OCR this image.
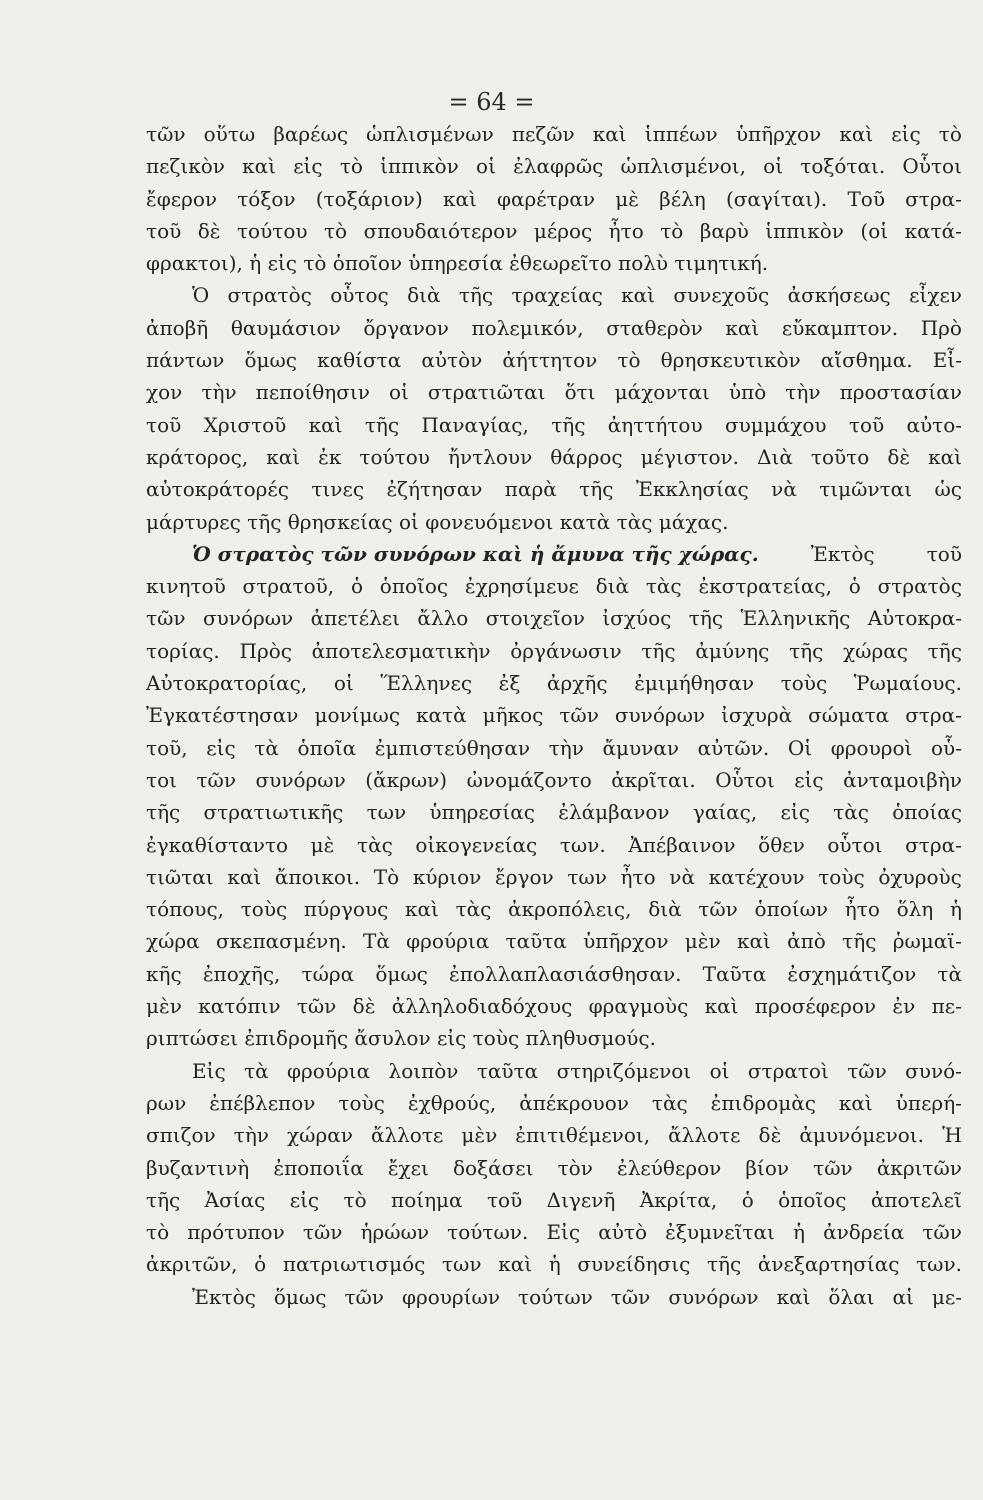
= 64 =
τῶν οὕτω βαρέως ὡπλισμένων πεζῶν καὶ ἱππέων ὑπῆρχον καὶ εἰς τὸ
πεζικὸν καὶ εἰς τὸ ἱππικὸν οἱ ἐλαφρῶς ὡπλισμένοι, οἱ τοξόται. Οὗτοι
ἔφερον τόξον (τοξάριον) καὶ φαρέτραν μὲ βέλη (σαγίται). Τοῦ στρα-
τοῦ δὲ τούτου τὸ σπουδαιότερον μέρος ἦτο τὸ βαρὺ ἱππικὸν (οἱ κατά-
φρακτοι), ἡ εἰς τὸ ὁποῖον ὑπηρεσία ἐθεωρεῖτο πολὺ τιμητική.
Ὁ στρατὸς οὗτος διὰ τῆς τραχείας καὶ συνεχοῦς ἀσκήσεως εἶχεν
ἀποβῆ θαυμάσιον ὄργανον πολεμικόν, σταθερὸν καὶ εὔκαμπτον. Πρὸ
πάντων ὅμως καθίστα αὐτὸν ἀήττητον τὸ θρησκευτικὸν αἴσθημα. Εἶ-
χον τὴν πεποίθησιν οἱ στρατιῶται ὅτι μάχονται ὑπὸ τὴν προστασίαν
τοῦ Χριστοῦ καὶ τῆς Παναγίας, τῆς ἀηττήτου συμμάχου τοῦ αὐτο-
κράτορος, καὶ ἐκ τούτου ἤντλουν θάρρος μέγιστον. Διὰ τοῦτο δὲ καὶ
αὐτοκράτορές τινες ἐζήτησαν παρὰ τῆς Ἐκκλησίας νὰ τιμῶνται ὡς
μάρτυρες τῆς θρησκείας οἱ φονευόμενοι κατὰ τὰς μάχας.
Ὁ στρατὸς τῶν συνόρων καὶ ἡ ἄμυνα τῆς χώρας.	Ἐκτὸς	τοῦ
κινητοῦ στρατοῦ, ὁ ὁποῖος ἐχρησίμευε διὰ τὰς ἐκστρατείας, ὁ στρατὸς
τῶν συνόρων ἀπετέλει ἄλλο στοιχεῖον ἰσχύος τῆς Ἑλληνικῆς Αὐτοκρα-
τορίας. Πρὸς ἀποτελεσματικὴν ὀργάνωσιν τῆς ἀμύνης τῆς χώρας τῆς
Αὐτοκρατορίας, οἱ Ἕλληνες ἐξ ἀρχῆς ἐμιμήθησαν τοὺς Ῥωμαίους.
Ἐγκατέστησαν μονίμως κατὰ μῆκος τῶν συνόρων ἰσχυρὰ σώματα στρα-
τοῦ, εἰς τὰ ὁποῖα ἐμπιστεύθησαν τὴν ἄμυναν αὐτῶν. Οἱ φρουροὶ οὗ-
τοι τῶν συνόρων (ἄκρων) ὠνομάζοντο ἀκρῖται. Οὗτοι εἰς ἀνταμοιβὴν
τῆς στρατιωτικῆς των ὑπηρεσίας ἐλάμβανον γαίας, εἰς τὰς ὁποίας
ἐγκαθίσταντο μὲ τὰς οἰκογενείας των. Ἀπέβαινον ὅθεν οὗτοι στρα-
τιῶται καὶ ἄποικοι. Τὸ κύριον ἔργον των ἦτο νὰ κατέχουν τοὺς ὀχυροὺς
τόπους, τοὺς πύργους καὶ τὰς ἀκροπόλεις, διὰ τῶν ὁποίων ἦτο ὅλη ἡ
χώρα σκεπασμένη. Τὰ φρούρια ταῦτα ὑπῆρχον μὲν καὶ ἀπὸ τῆς ῥωμαϊ-
κῆς ἐποχῆς, τώρα ὅμως ἐπολλαπλασιάσθησαν. Ταῦτα ἐσχημάτιζον τὰ
μὲν κατόπιν τῶν δὲ ἀλληλοδιαδόχους φραγμοὺς καὶ προσέφερον ἐν πε-
ριπτώσει ἐπιδρομῆς ἄσυλον εἰς τοὺς πληθυσμούς.
Εἰς τὰ φρούρια λοιπὸν ταῦτα στηριζόμενοι οἱ στρατοὶ τῶν συνό-
ρων ἐπέβλεπον τοὺς ἐχθρούς, ἀπέκρουον τὰς ἐπιδρομὰς καὶ ὑπερή-
σπιζον τὴν χώραν ἄλλοτε μὲν ἐπιτιθέμενοι, ἄλλοτε δὲ ἀμυνόμενοι. Ἡ
βυζαντινὴ ἐποποιΐα ἔχει δοξάσει τὸν ἐλεύθερον βίον τῶν ἀκριτῶν
τῆς Ἀσίας εἰς τὸ ποίημα τοῦ Διγενῆ Ἀκρίτα, ὁ ὁποῖος ἀποτελεῖ
τὸ πρότυπον τῶν ἡρώων τούτων. Εἰς αὐτὸ ἐξυμνεῖται ἡ ἀνδρεία τῶν
ἀκριτῶν, ὁ πατριωτισμός των καὶ ἡ συνείδησις τῆς ἀνεξαρτησίας των.
Ἐκτὸς ὅμως τῶν φρουρίων τούτων τῶν συνόρων καὶ ὅλαι αἱ με-
